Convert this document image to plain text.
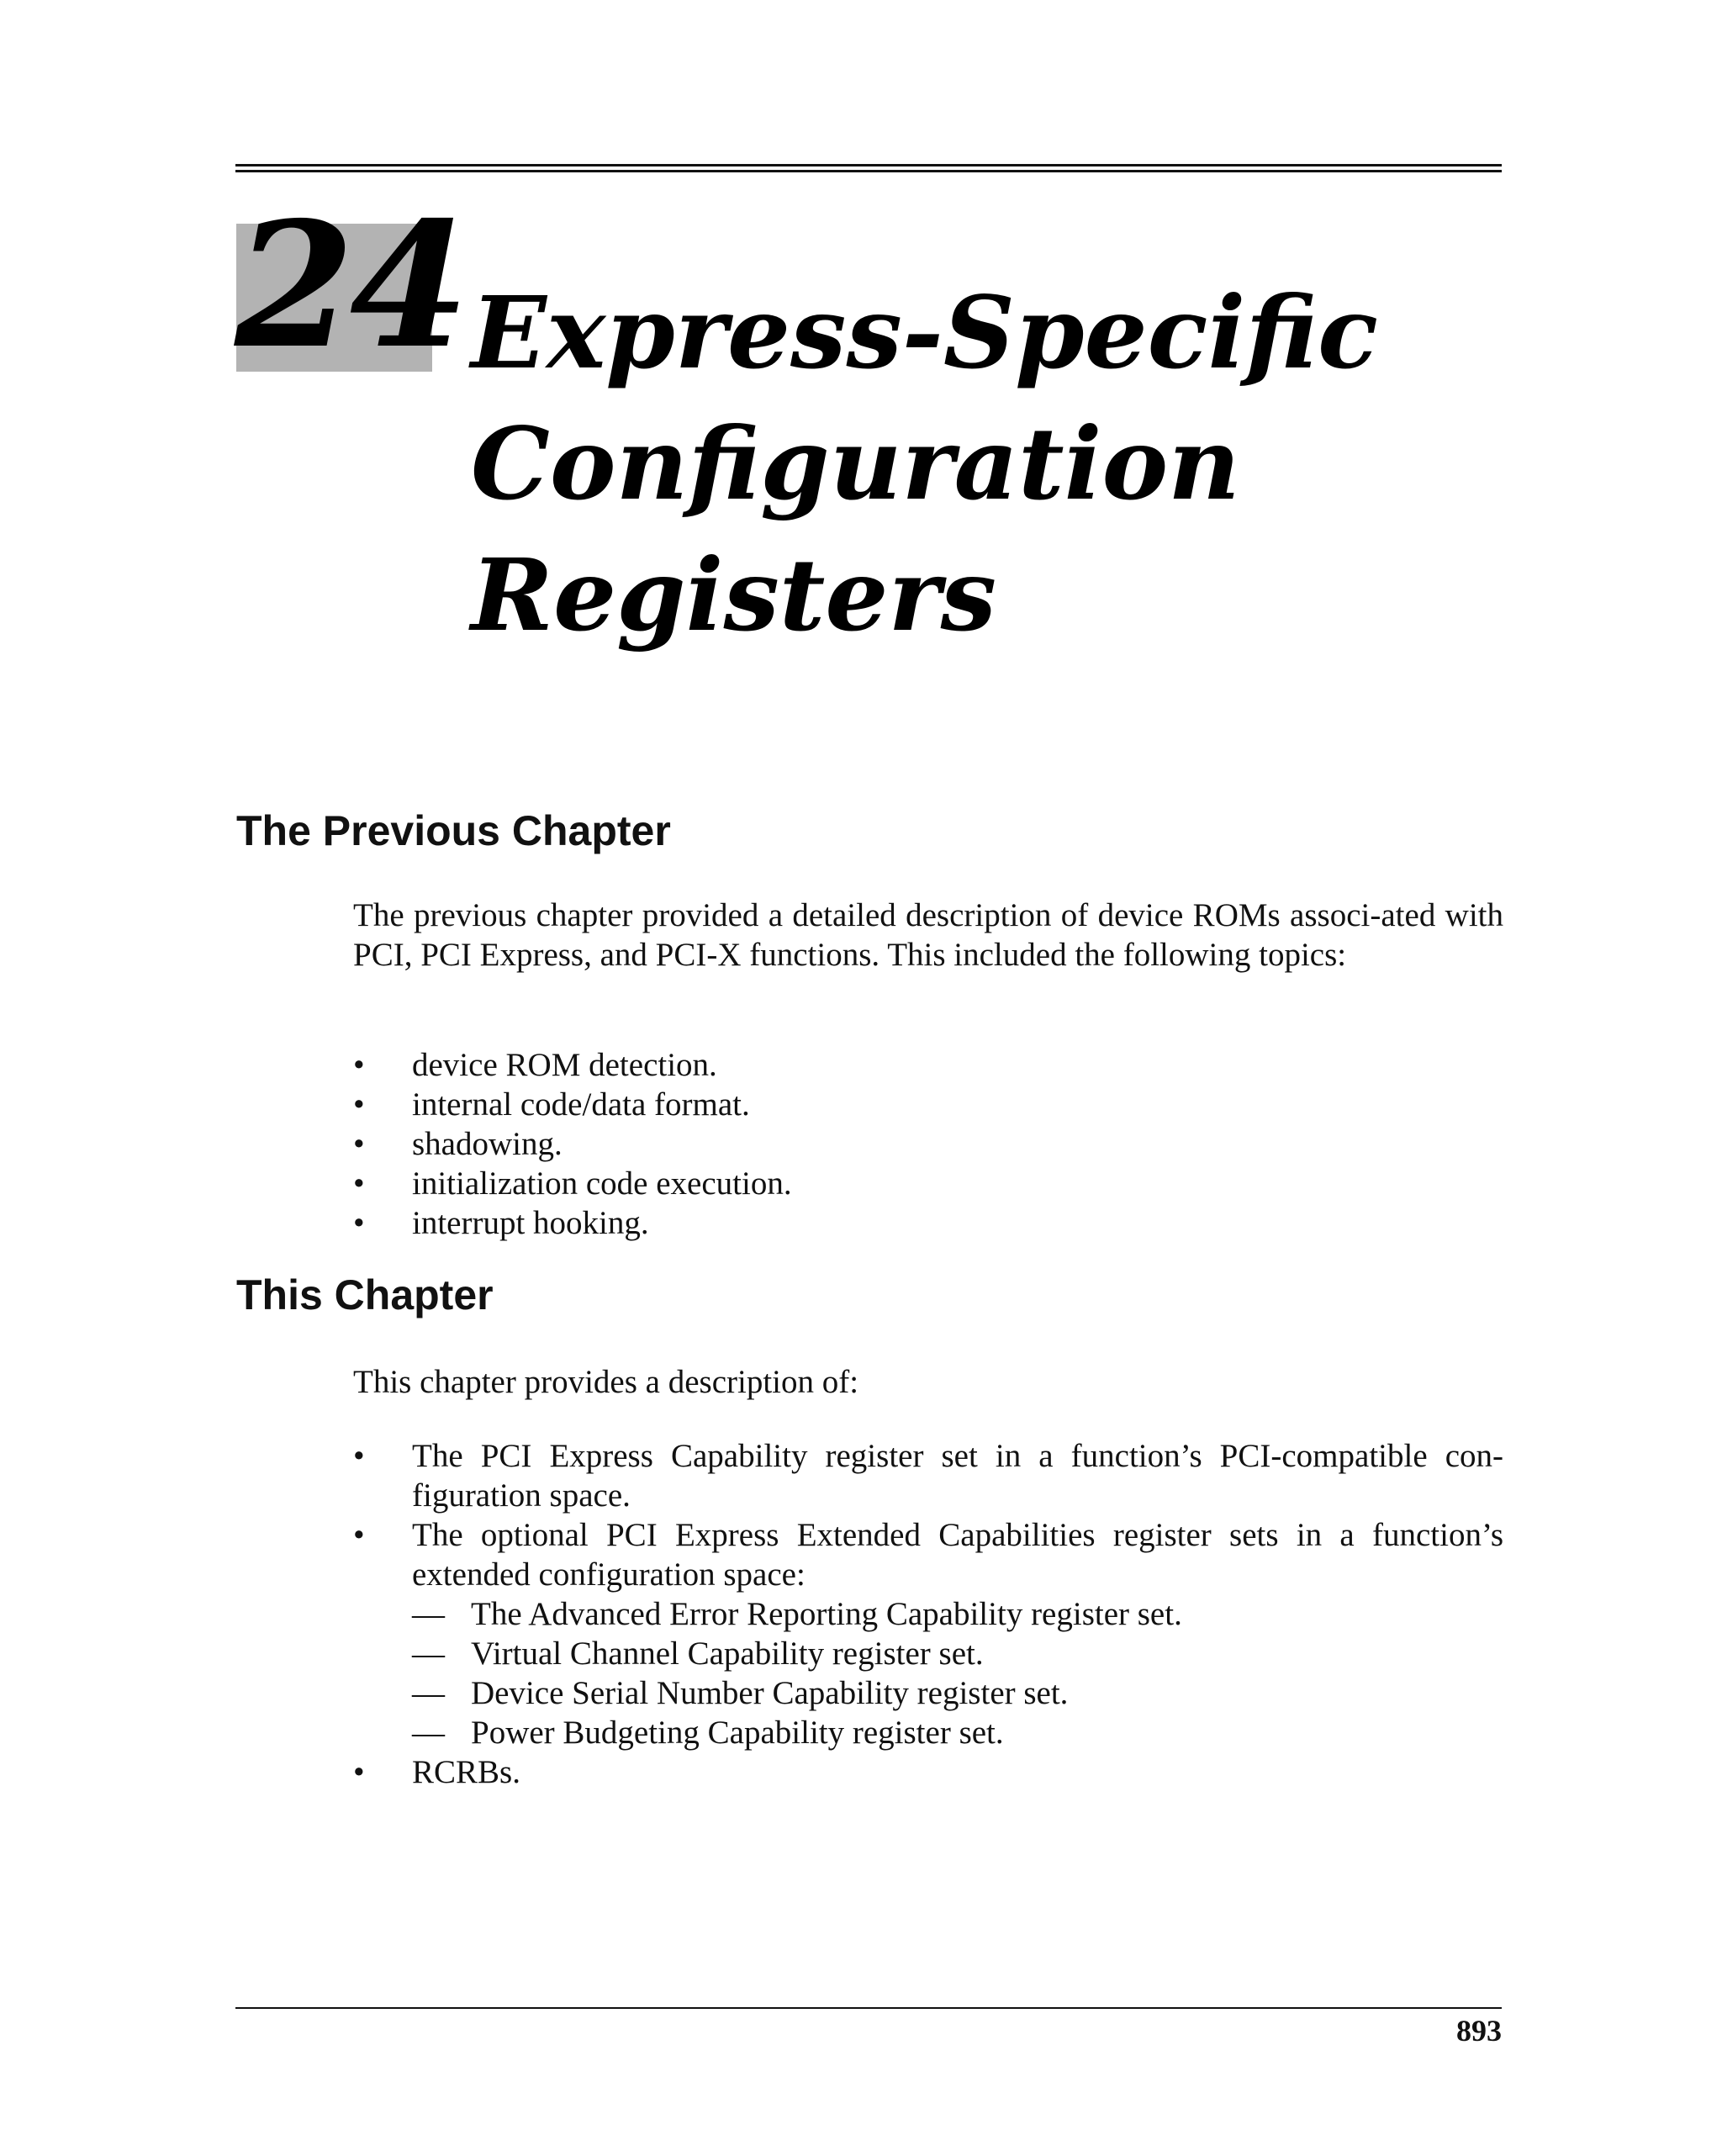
24 Express-Specific
Configuration
Registers
The Previous Chapter

The previous chapter provided a detailed description of device ROMs associ-ated with PCI, PCI Express, and PCI-X functions. This included the following topics:

•	device ROM detection.
•	internal code/data format.
•	shadowing.
•	initialization code execution.
•	interrupt hooking.
This Chapter

This chapter provides a description of:

•	The PCI Express Capability register set in a function’s PCI-compatible con-figuration space.
•	The optional PCI Express Extended Capabilities register sets in a function’s extended configuration space:
— The Advanced Error Reporting Capability register set.
— Virtual Channel Capability register set.
— Device Serial Number Capability register set.
— Power Budgeting Capability register set.
•	RCRBs.
893
